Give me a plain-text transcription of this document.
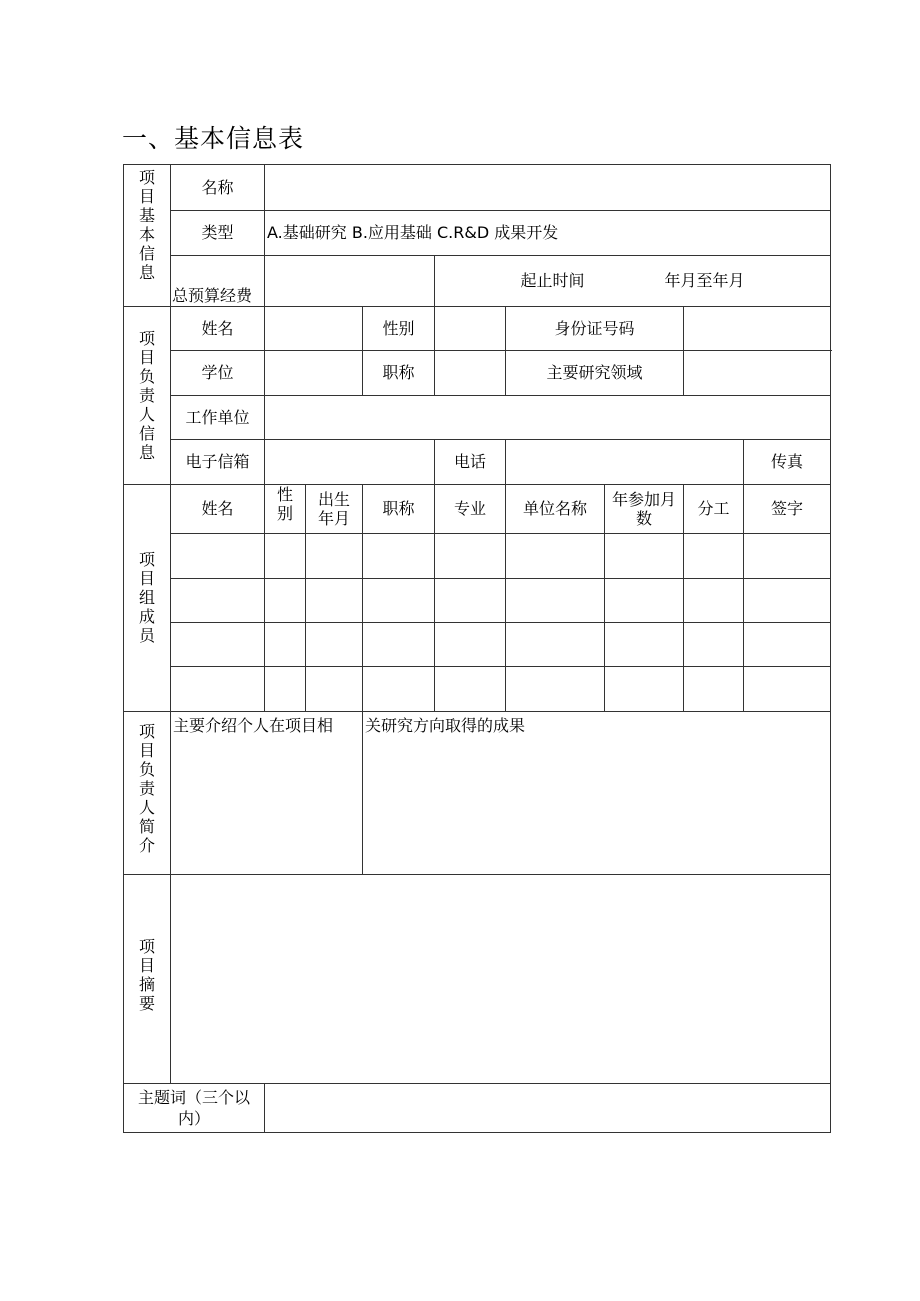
一、基本信息表
项目基本信息	名称									
	类型	A.基础研究 B.应用基础 C.R&D 成果开发								
	总预算经费				起止时间 年月至年月					
项目负责人信息	姓名			性别		身份证号码				
	学位			职称		主要研究领域				
	工作单位									
	电子信箱				电话				传真	
项目组成员	姓名	性别	出生年月	职称	专业	单位名称	年参加月数	分工	签字	

项目负责人简介	主要介绍个人在项目相			关研究方向取得的成果						
项目摘要										
主题词（三个以内）										
